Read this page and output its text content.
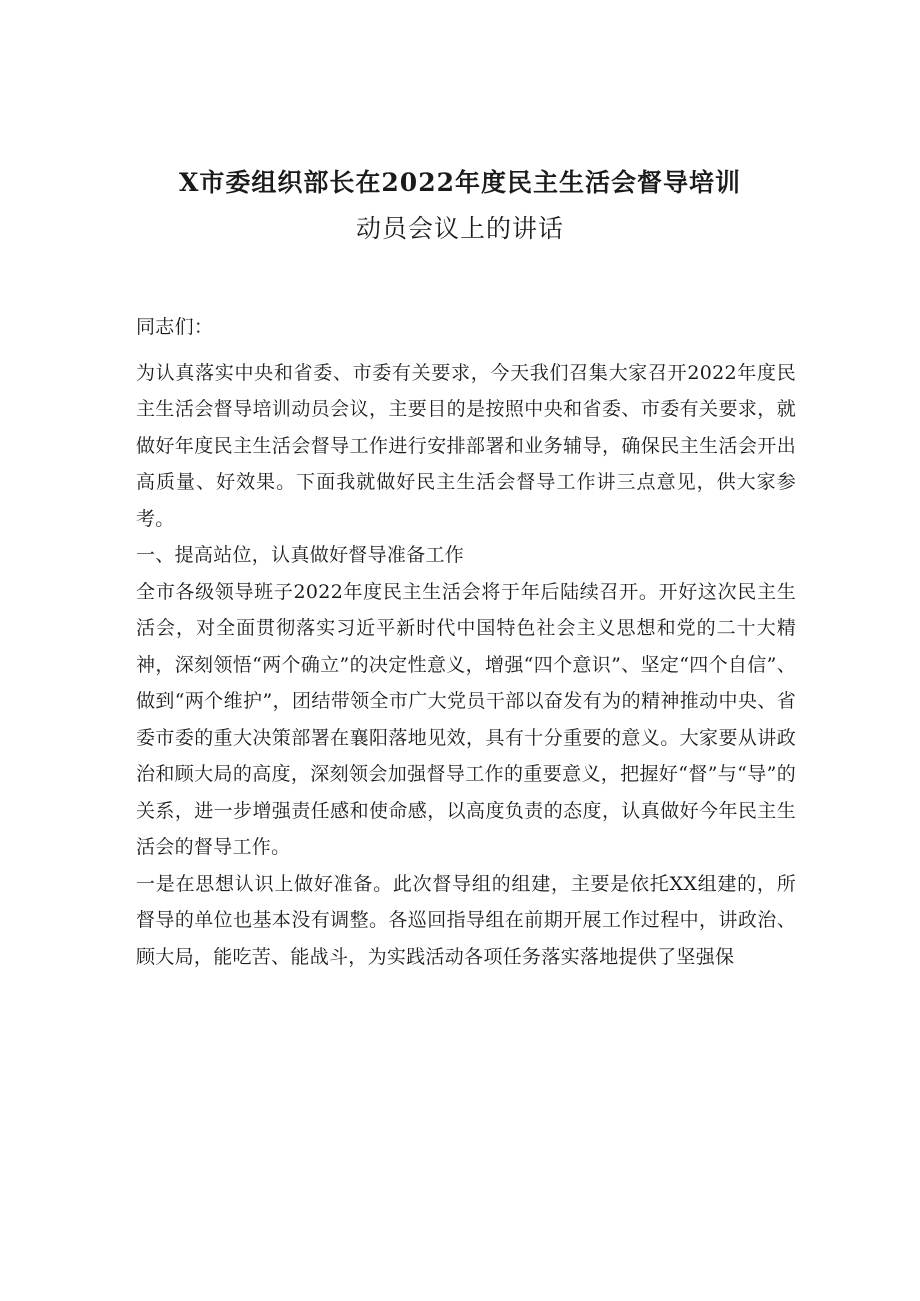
X市委组织部长在2022年度民主生活会督导培训
动员会议上的讲话

同志们：

为认真落实中央和省委、市委有关要求，今天我们召集大家召开2022年度民主生活会督导培训动员会议，主要目的是按照中央和省委、市委有关要求，就做好年度民主生活会督导工作进行安排部署和业务辅导，确保民主生活会开出高质量、好效果。下面我就做好民主生活会督导工作讲三点意见，供大家参考。

一、提高站位，认真做好督导准备工作

全市各级领导班子2022年度民主生活会将于年后陆续召开。开好这次民主生活会，对全面贯彻落实习近平新时代中国特色社会主义思想和党的二十大精神，深刻领悟“两个确立”的决定性意义，增强“四个意识”、坚定“四个自信”、做到“两个维护”，团结带领全市广大党员干部以奋发有为的精神推动中央、省委市委的重大决策部署在襄阳落地见效，具有十分重要的意义。大家要从讲政治和顾大局的高度，深刻领会加强督导工作的重要意义，把握好“督”与“导”的关系，进一步增强责任感和使命感，以高度负责的态度，认真做好今年民主生活会的督导工作。

一是在思想认识上做好准备。此次督导组的组建，主要是依托XX组建的，所督导的单位也基本没有调整。各巡回指导组在前期开展工作过程中，讲政治、顾大局，能吃苦、能战斗，为实践活动各项任务落实落地提供了坚强保
